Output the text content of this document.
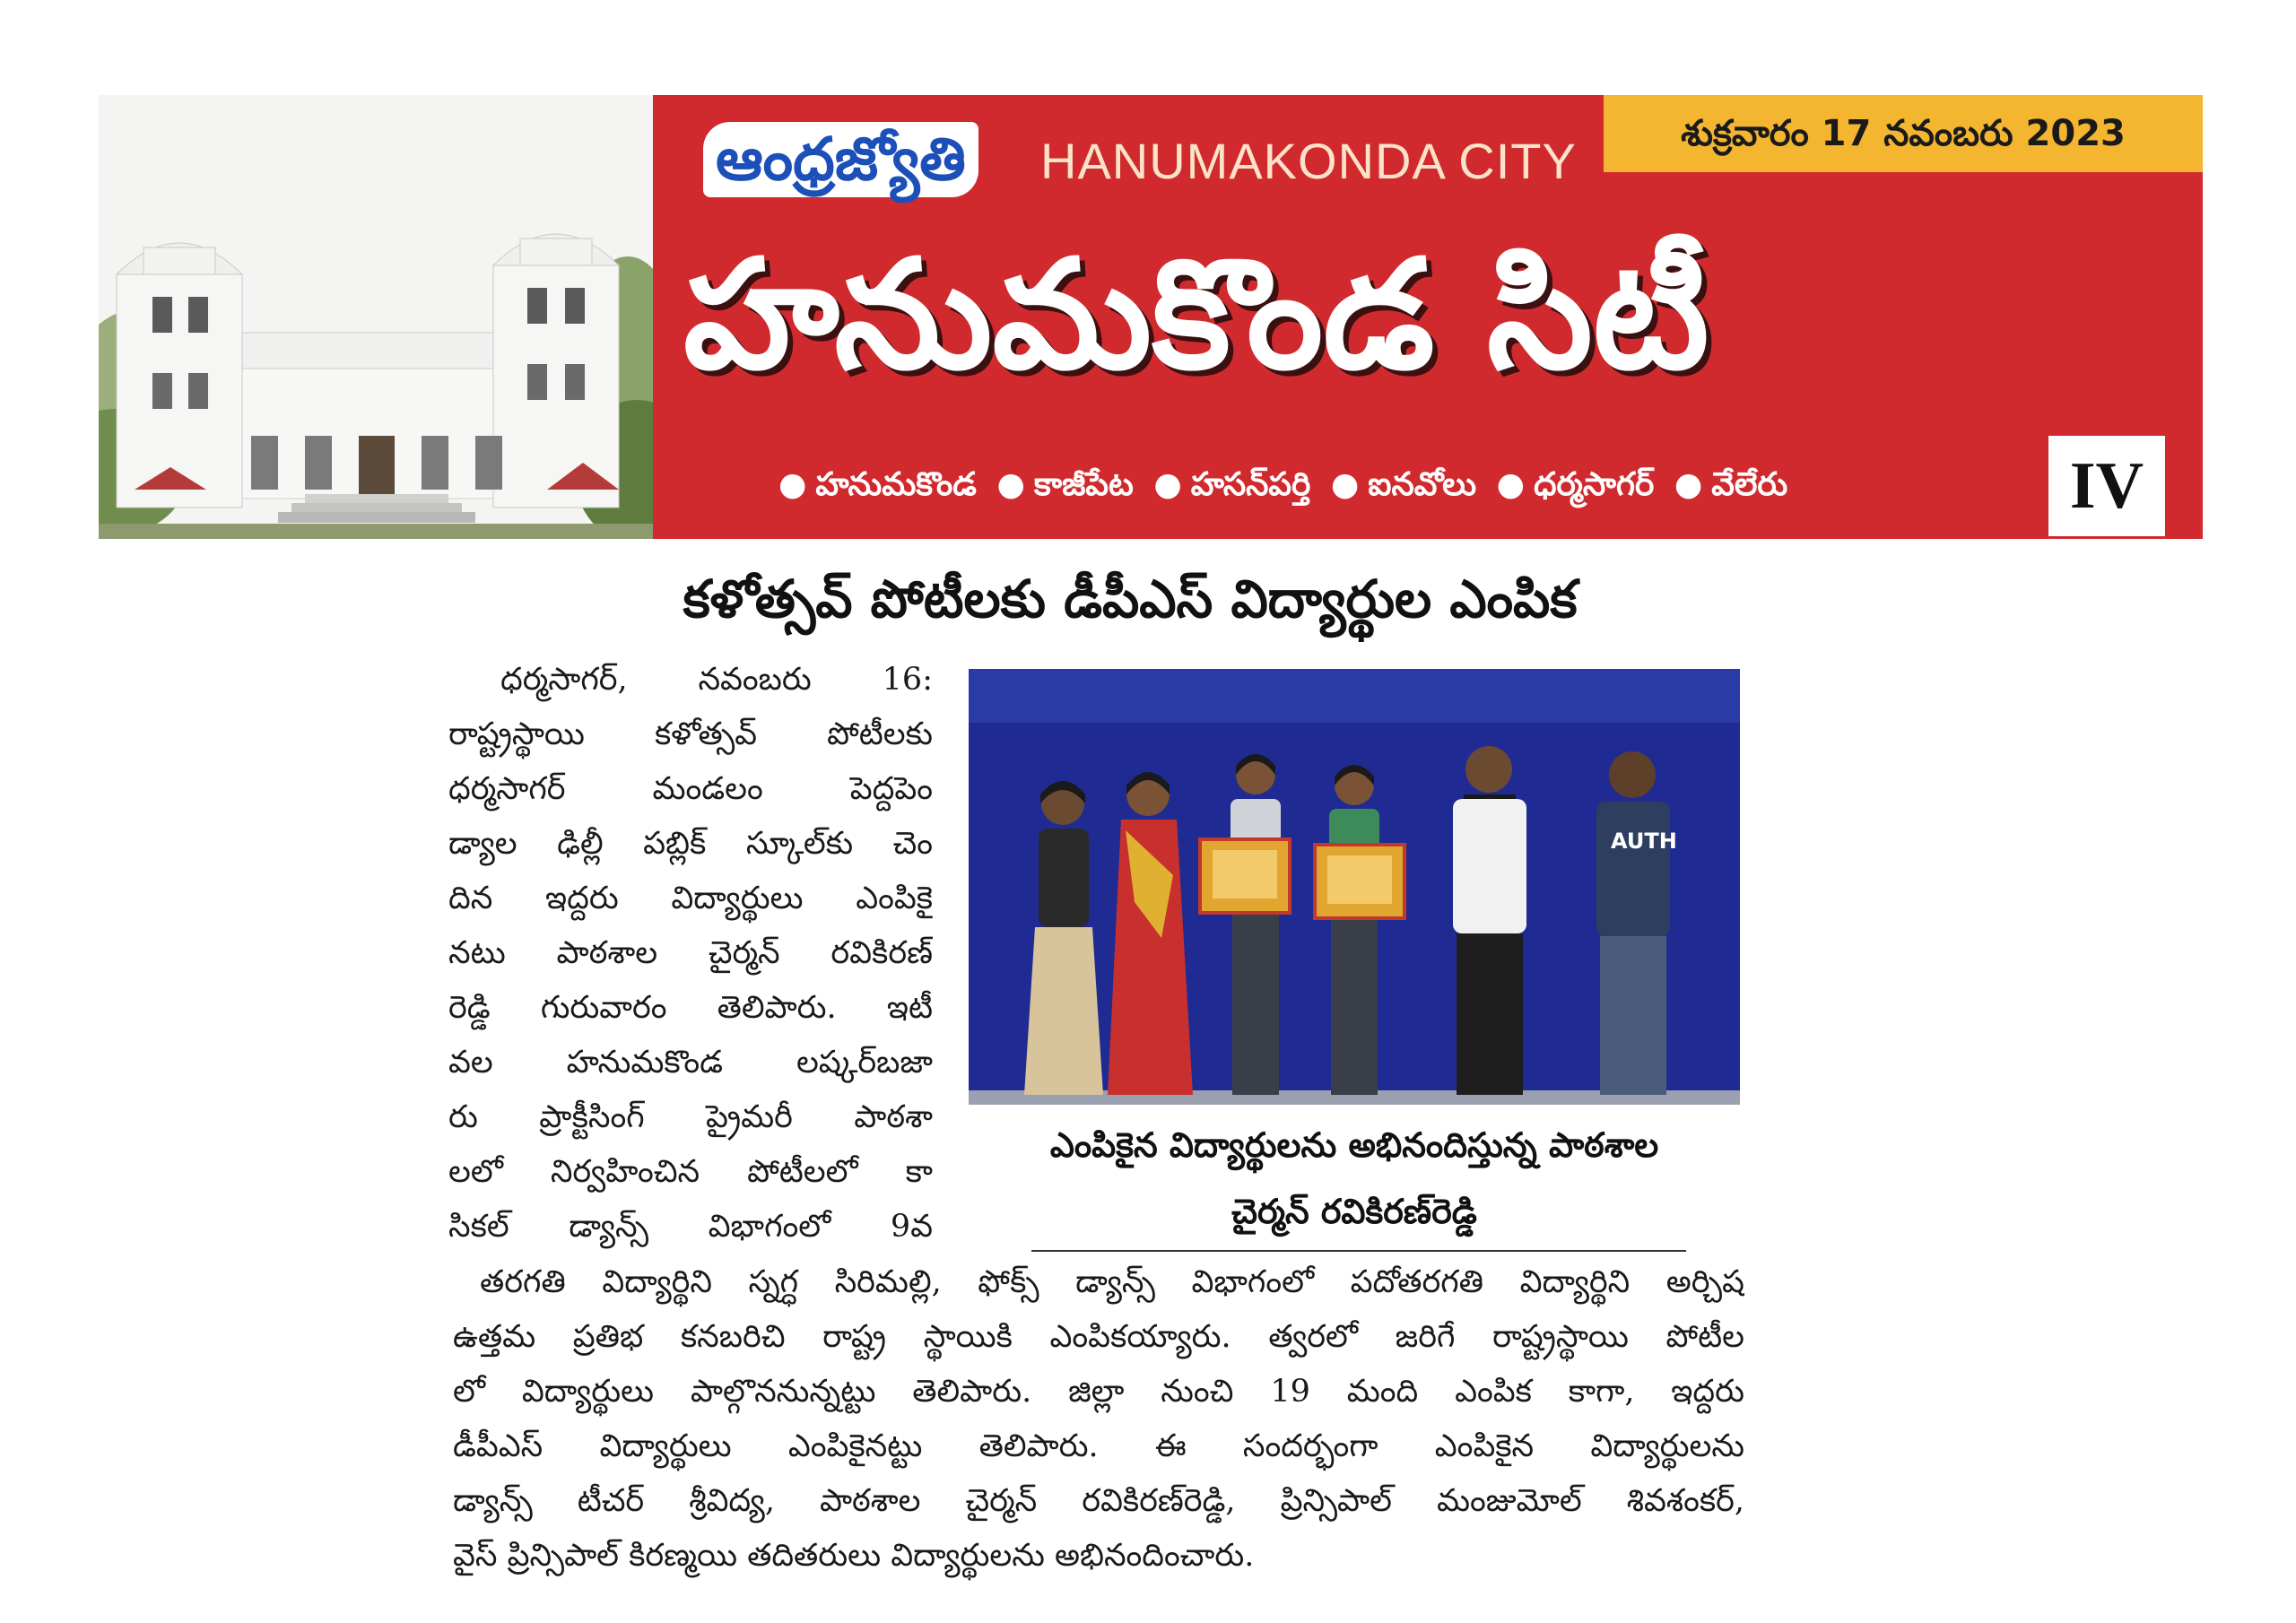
ఆంధ్రజ్యోతి HANUMAKONDA CITY	శుక్రవారం 17 నవంబరు 2023
హనుమకొండ సిటీ
● హనుమకొండ ● కాజీపేట ● హసన్‌పర్తి ● ఐనవోలు ● ధర్మసాగర్ ● వేలేరు	IV
కళోత్సవ్ పోటీలకు డీపీఎస్ విద్యార్థుల ఎంపిక
ధర్మసాగర్, నవంబరు 16:
రాష్ట్రస్థాయి కళోత్సవ్ పోటీలకు
ధర్మసాగర్ మండలం పెద్దపెం
డ్యాల ఢిల్లీ పబ్లిక్ స్కూల్‌కు చెం
దిన ఇద్దరు విద్యార్థులు ఎంపికై
నటు పాఠశాల చైర్మన్ రవికిరణ్
రెడ్డి గురువారం తెలిపారు. ఇటీ
వల హనుమకొండ లష్కర్‌బజా
రు ప్రాక్టీసింగ్ ప్రైమరీ పాఠశా
లలో నిర్వహించిన పోటీలలో కా
సికల్ డ్యాన్స్ విభాగంలో 9వ
AUTH
ఎంపికైన విద్యార్థులను అభినందిస్తున్న పాఠశాల
చైర్మన్ రవికిరణ్‌రెడ్డి
తరగతి విద్యార్థిని స్నగ్ధ సిరిమల్లి, ఫోక్స్ డ్యాన్స్ విభాగంలో పదోతరగతి విద్యార్థిని అర్చిష
ఉత్తమ ప్రతిభ కనబరిచి రాష్ట్ర స్థాయికి ఎంపికయ్యారు. త్వరలో జరిగే రాష్ట్రస్థాయి పోటీల
లో విద్యార్థులు పాల్గొననున్నట్టు తెలిపారు. జిల్లా నుంచి 19 మంది ఎంపిక కాగా, ఇద్దరు
డీపీఎస్ విద్యార్థులు ఎంపికైనట్టు తెలిపారు. ఈ సందర్భంగా ఎంపికైన విద్యార్థులను
డ్యాన్స్ టీచర్ శ్రీవిద్య, పాఠశాల చైర్మన్ రవికిరణ్‌రెడ్డి, ప్రిన్సిపాల్ మంజుమోల్ శివశంకర్,
వైస్ ప్రిన్సిపాల్ కిరణ్మయి తదితరులు విద్యార్థులను అభినందించారు.
